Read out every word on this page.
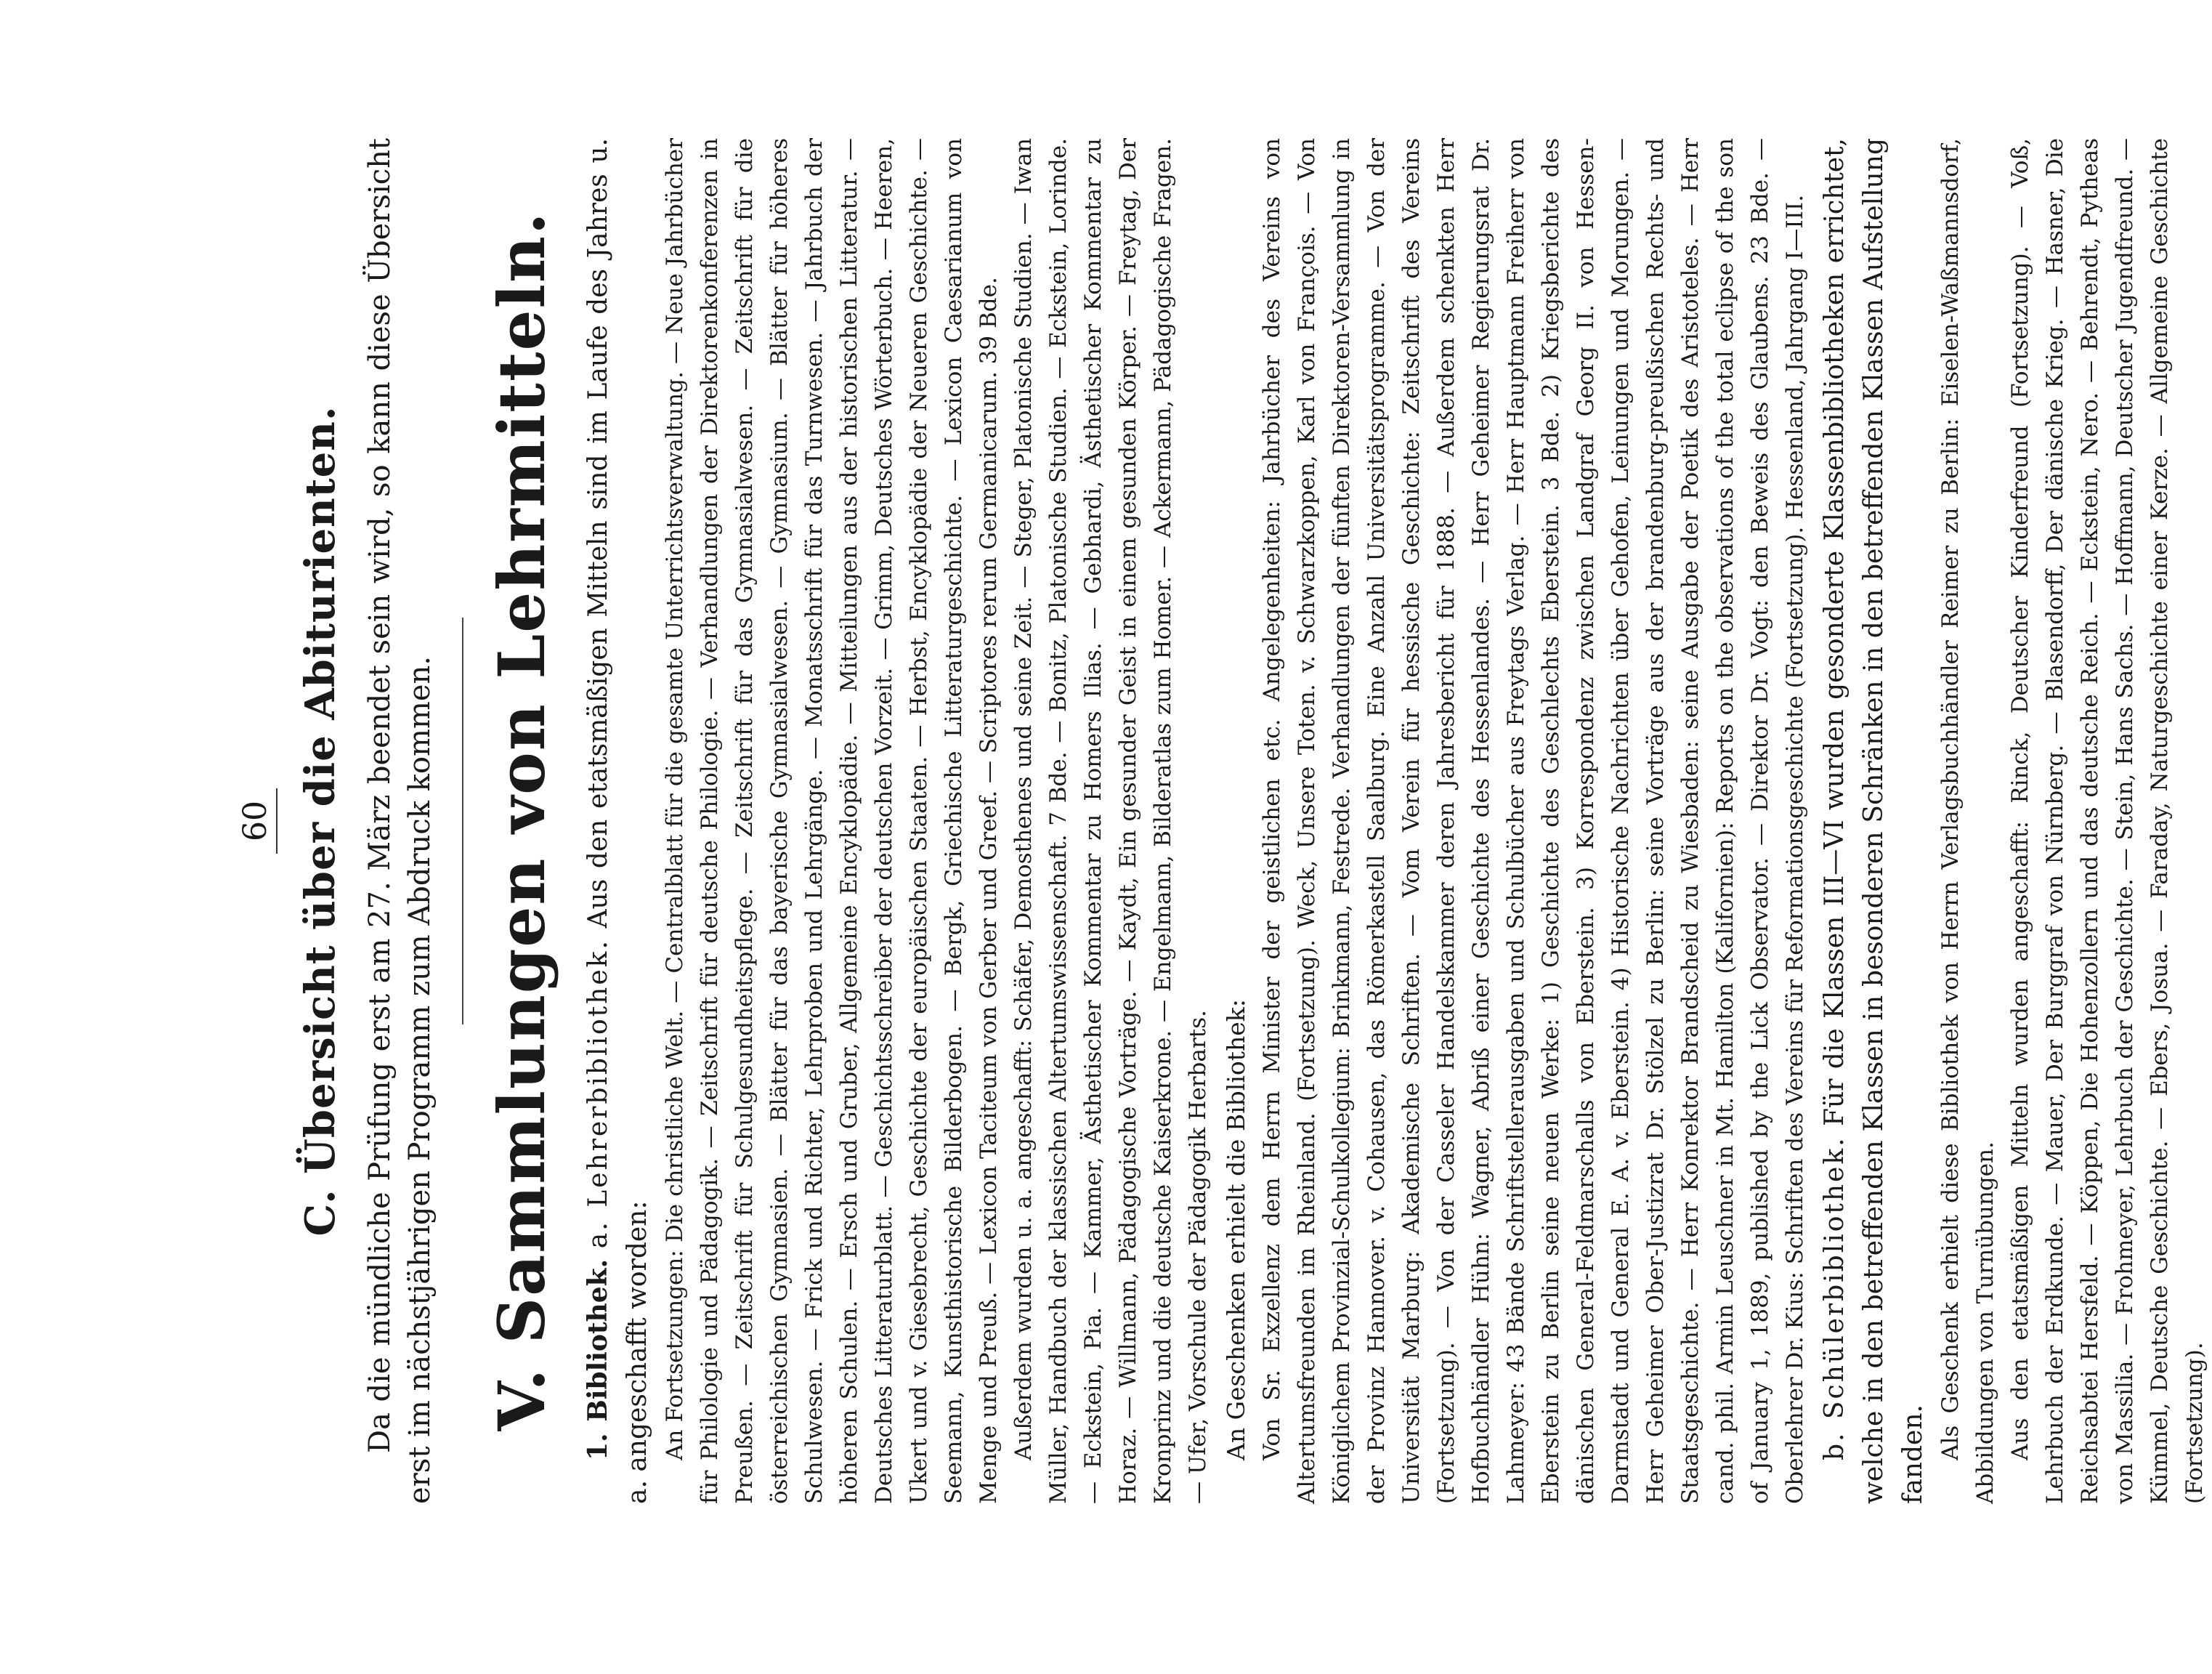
60 C. Übersicht über die Abiturienten. Da die mündliche Prüfung erst am 27. März beendet sein wird, so kann diese Übersicht erst im nächstjährigen Programm zum Abdruck kommen. V. Sammlungen von Lehrmitteln. 1. Bibliothek. a. Lehrerbibliothek. Aus den etatsmäßigen Mitteln sind im Laufe des Jahres u. a. angeschafft worden: An Fortsetzungen: Die christliche Welt. — Centralblatt für die gesamte Unterrichtsverwaltung. — Neue Jahrbücher für Philologie und Pädagogik. — Zeitschrift für deutsche Philologie. — Verhandlungen der Direktorenkonferenzen in Preußen. — Zeitschrift für Schulgesundheitspflege. — Zeitschrift für das Gymnasialwesen. — Zeitschrift für die österreichischen Gymnasien. — Blätter für das bayerische Gymnasialwesen. — Gymnasium. — Blätter für höheres Schulwesen. — Frick und Richter, Lehrproben und Lehrgänge. — Monatsschrift für das Turnwesen. — Jahrbuch der höheren Schulen. — Ersch und Gruber, Allgemeine Encyklopädie. — Mitteilungen aus der historischen Litteratur. — Deutsches Litteraturblatt. — Geschichtsschreiber der deutschen Vorzeit. — Grimm, Deutsches Wörterbuch. — Heeren, Ukert und v. Giesebrecht, Geschichte der europäischen Staaten. — Herbst, Encyklopädie der Neueren Geschichte. — Seemann, Kunsthistorische Bilderbogen. — Bergk, Griechische Litteraturgeschichte. — Lexicon Caesarianum von Menge und Preuß. — Lexicon Taciteum von Gerber und Greef. — Scriptores rerum Germanicarum. 39 Bde. Außerdem wurden u. a. angeschafft: Schäfer, Demosthenes und seine Zeit. — Steger, Platonische Studien. — Iwan Müller, Handbuch der klassischen Altertumswissenschaft. 7 Bde. — Bonitz, Platonische Studien. — Eckstein, Lorinde. — Eckstein, Pia. — Kammer, Ästhetischer Kommentar zu Homers Ilias. — Gebhardi, Ästhetischer Kommentar zu Horaz. — Willmann, Pädagogische Vorträge. — Kaydt, Ein gesunder Geist in einem gesunden Körper. — Freytag, Der Kronprinz und die deutsche Kaiserkrone. — Engelmann, Bilderatlas zum Homer. — Ackermann, Pädagogische Fragen. — Ufer, Vorschule der Pädagogik Herbarts. An Geschenken erhielt die Bibliothek: Von Sr. Exzellenz dem Herrn Minister der geistlichen etc. Angelegenheiten: Jahrbücher des Vereins von Altertumsfreunden im Rheinland. (Fortsetzung). Weck, Unsere Toten. v. Schwarzkoppen, Karl von François. — Von Königlichem Provinzial-Schulkollegium: Brinkmann, Festrede. Verhandlungen der fünften Direktoren-Versammlung in der Provinz Hannover. v. Cohausen, das Römerkastell Saalburg. Eine Anzahl Universitätsprogramme. — Von der Universität Marburg: Akademische Schriften. — Vom Verein für hessische Geschichte: Zeitschrift des Vereins (Fortsetzung). — Von der Casseler Handelskammer deren Jahresbericht für 1888. — Außerdem schenkten Herr Hofbuchhändler Hühn: Wagner, Abriß einer Geschichte des Hessenlandes. — Herr Geheimer Regierungsrat Dr. Lahmeyer: 43 Bände Schriftstellerausgaben und Schulbücher aus Freytags Verlag. — Herr Hauptmann Freiherr von Eberstein zu Berlin seine neuen Werke: 1) Geschichte des Geschlechts Eberstein. 3 Bde. 2) Kriegsberichte des dänischen General-Feldmarschalls von Eberstein. 3) Korrespondenz zwischen Landgraf Georg II. von Hessen-Darmstadt und General E. A. v. Eberstein. 4) Historische Nachrichten über Gehofen, Leinungen und Morungen. — Herr Geheimer Ober-Justizrat Dr. Stölzel zu Berlin: seine Vorträge aus der brandenburg-preußischen Rechts- und Staatsgeschichte. — Herr Konrektor Brandscheid zu Wiesbaden: seine Ausgabe der Poetik des Aristoteles. — Herr cand. phil. Armin Leuschner in Mt. Hamilton (Kalifornien): Reports on the observations of the total eclipse of the son of January 1, 1889, published by the Lick Observator. — Direktor Dr. Vogt: den Beweis des Glaubens. 23 Bde. — Oberlehrer Dr. Kius: Schriften des Vereins für Reformationsgeschichte (Fortsetzung). Hessenland, Jahrgang I—III. b. Schülerbibliothek. Für die Klassen III—VI wurden gesonderte Klassenbibliotheken errichtet, welche in den betreffenden Klassen in besonderen Schränken in den betreffenden Klassen Aufstellung fanden. Als Geschenk erhielt diese Bibliothek von Herrn Verlagsbuchhändler Reimer zu Berlin: Eiselen-Waßmannsdorf, Abbildungen von Turnübungen. Aus den etatsmäßigen Mitteln wurden angeschafft: Rinck, Deutscher Kinderfreund (Fortsetzung). — Voß, Lehrbuch der Erdkunde. — Mauer, Der Burggraf von Nürnberg. — Blasendorff, Der dänische Krieg. — Hasner, Die Reichsabtei Hersfeld. — Köppen, Die Hohenzollern und das deutsche Reich. — Eckstein, Nero. — Behrendt, Pytheas von Massilia. — Frohmeyer, Lehrbuch der Geschichte. — Stein, Hans Sachs. — Hoffmann, Deutscher Jugendfreund. — Kümmel, Deutsche Geschichte. — Ebers, Josua. — Faraday, Naturgeschichte einer Kerze. — Allgemeine Geschichte (Fortsetzung).
